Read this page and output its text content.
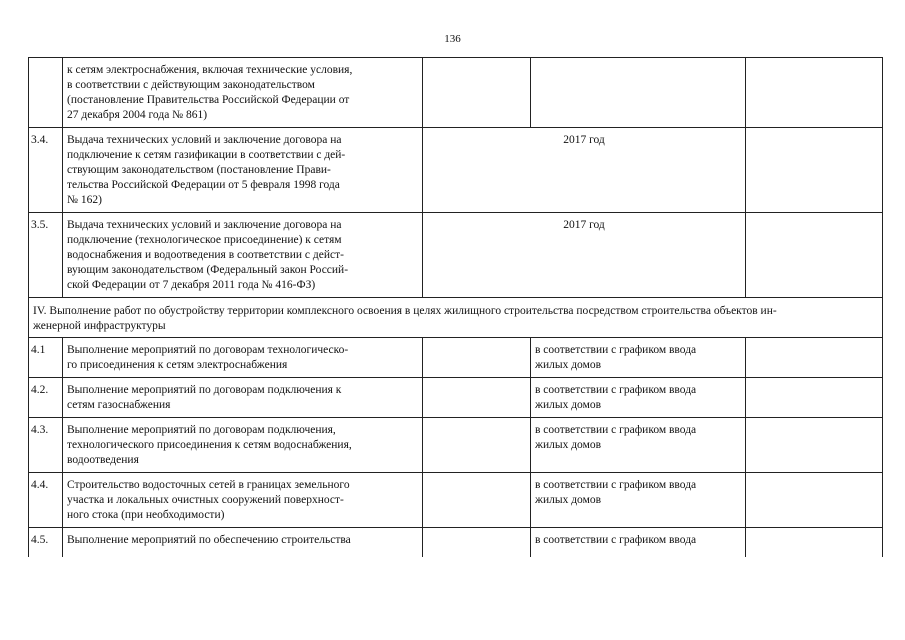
136
	к сетям электроснабжения, включая технические условия,
в соответствии с действующим законодательством
(постановление Правительства Российской Федерации от
27 декабря 2004 года № 861)			
3.4.	Выдача технических условий и заключение договора на
подключение к сетям газификации в соответствии с дей-
ствующим законодательством (постановление Прави-
тельства Российской Федерации от 5 февраля 1998 года
№ 162)	2017 год		
3.5.	Выдача технических условий и заключение договора на
подключение (технологическое присоединение) к сетям
водоснабжения и водоотведения в соответствии с дейст-
вующим законодательством (Федеральный закон Россий-
ской Федерации от 7 декабря 2011 года № 416-ФЗ)	2017 год		
IV. Выполнение работ по обустройству территории комплексного освоения в целях жилищного строительства посредством строительства объектов ин-
женерной инфраструктуры				
4.1	Выполнение мероприятий по договорам технологическо-
го присоединения к сетям электроснабжения		в соответствии с графиком ввода
жилых домов	
4.2.	Выполнение мероприятий по договорам подключения к
сетям газоснабжения		в соответствии с графиком ввода
жилых домов	
4.3.	Выполнение мероприятий по договорам подключения,
технологического присоединения к сетям водоснабжения,
водоотведения		в соответствии с графиком ввода
жилых домов	
4.4.	Строительство водосточных сетей в границах земельного
участка и локальных очистных сооружений поверхност-
ного стока (при необходимости)		в соответствии с графиком ввода
жилых домов	
4.5.	Выполнение мероприятий по обеспечению строительства		в соответствии с графиком ввода	
